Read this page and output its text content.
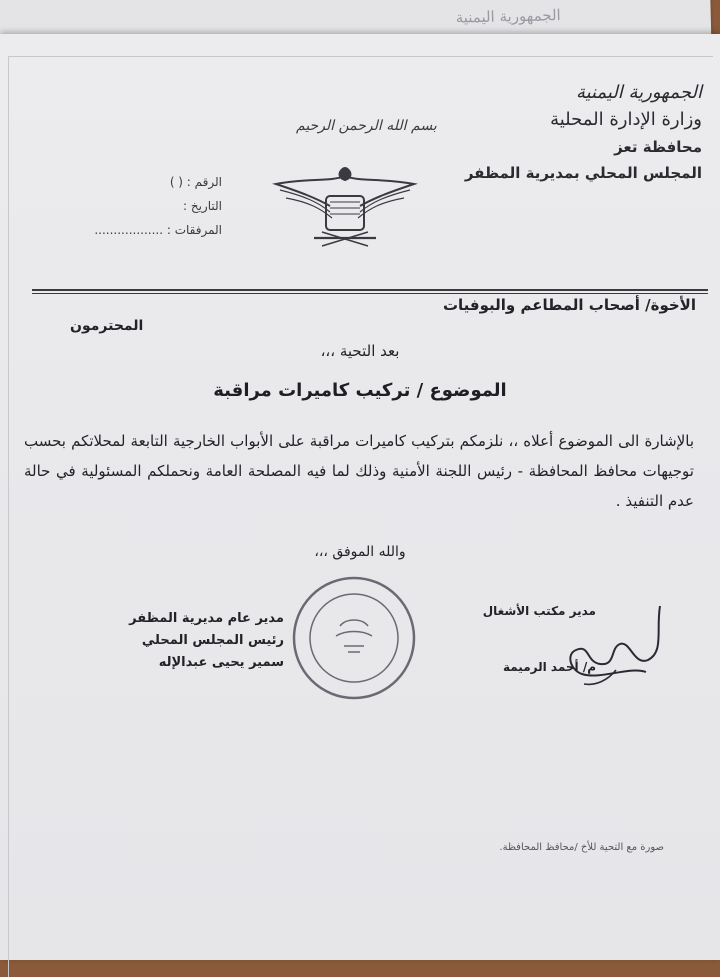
الجمهورية اليمنية
الجمهورية اليمنية
وزارة الإدارة المحلية
محافظة تعز
المجلس المحلي بمديرية المظفر
بسم الله الرحمن الرحيم
الرقم : ( )
التاريخ :
المرفقات : ..................
الأخوة/ أصحاب المطاعم والبوفيات
المحترمون
بعد التحية ،،،
الموضوع / تركيب كاميرات مراقبة
بالإشارة الى الموضوع أعلاه ،، نلزمكم بتركيب كاميرات مراقبة على الأبواب الخارجية التابعة لمحلاتكم بحسب توجيهات محافظ المحافظة - رئيس اللجنة الأمنية وذلك لما فيه المصلحة العامة ونحملكم المسئولية في حالة عدم التنفيذ .
والله الموفق ،،،
مدير مكتب الأشغال
م/ أحمد الرميمة
مدير عام مديرية المظفر
رئيس المجلس المحلي
سمير يحيى عبدالإله
صورة مع التحية للأخ /محافظ المحافظة.
